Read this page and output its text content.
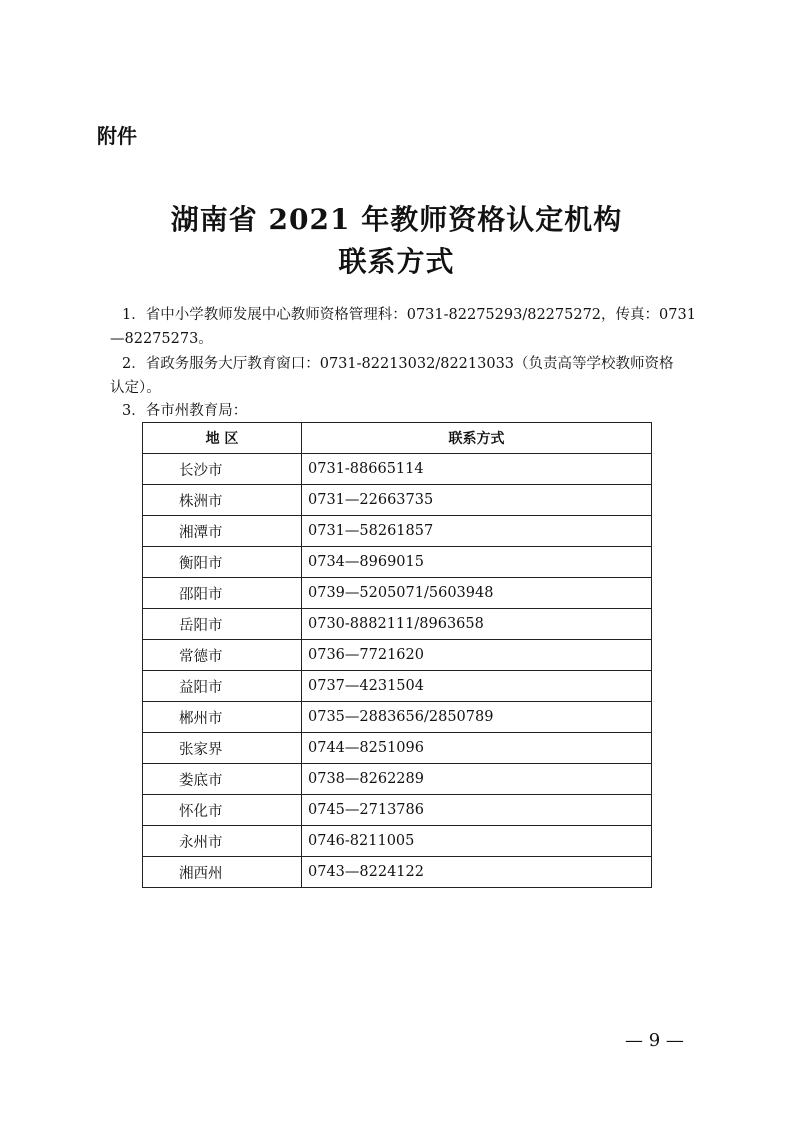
附件
湖南省 2021 年教师资格认定机构
联系方式
1．省中小学教师发展中心教师资格管理科：0731-82275293/82275272，传真：0731
—82275273。
2．省政务服务大厅教育窗口：0731-82213032/82213033（负责高等学校教师资格
认定）。
3．各市州教育局：
地 区	联系方式
长沙市	0731-88665114
株洲市	0731—22663735
湘潭市	0731—58261857
衡阳市	0734—8969015
邵阳市	0739—5205071/5603948
岳阳市	0730-8882111/8963658
常德市	0736—7721620
益阳市	0737—4231504
郴州市	0735—2883656/2850789
张家界	0744—8251096
娄底市	0738—8262289
怀化市	0745—2713786
永州市	0746-8211005
湘西州	0743—8224122
— 9 —
